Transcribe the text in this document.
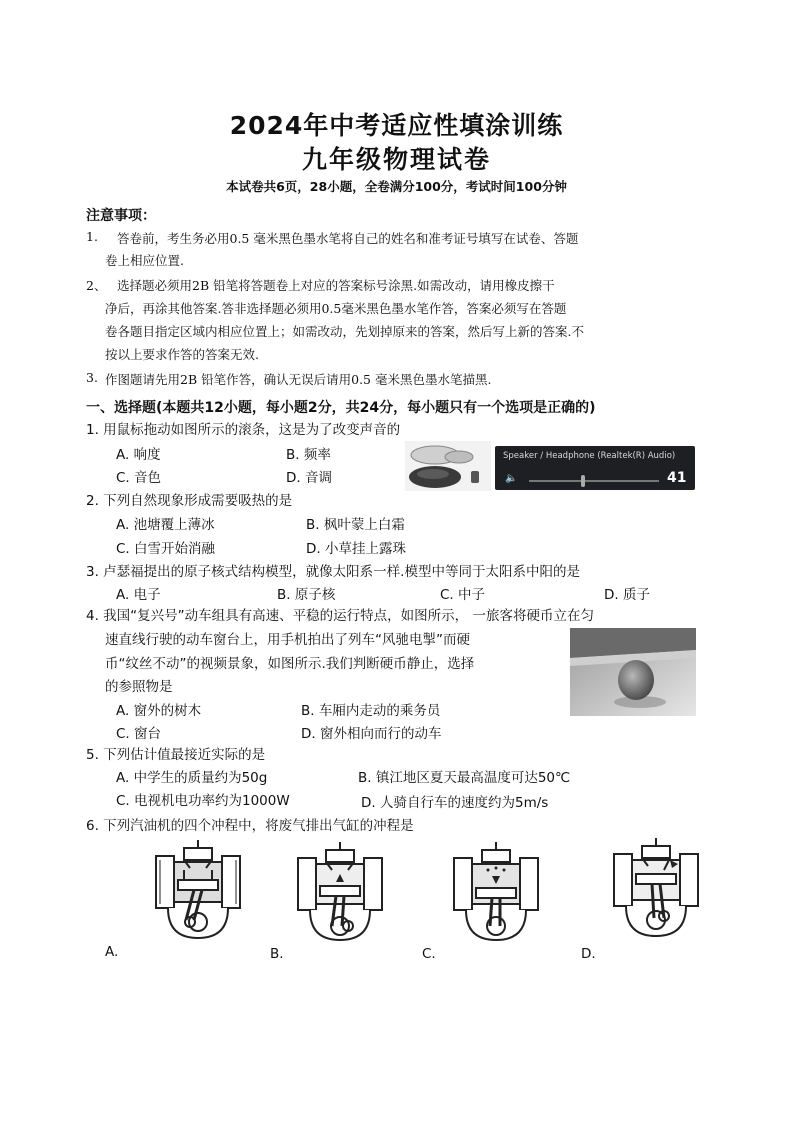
2024年中考适应性填涂训练
九年级物理试卷
本试卷共6页，28小题，全卷满分100分，考试时间100分钟
注意事项：
1. 答卷前，考生务必用0.5 毫米黑色墨水笔将自己的姓名和准考证号填写在试卷、答题
卷上相应位置.
2、 选择题必须用2B 铅笔将答题卷上对应的答案标号涂黑.如需改动，请用橡皮擦干
净后，再涂其他答案.答非选择题必须用0.5毫米黑色墨水笔作答，答案必须写在答题
卷各题目指定区域内相应位置上；如需改动，先划掉原来的答案，然后写上新的答案.不
按以上要求作答的答案无效.
3. 作图题请先用2B 铅笔作答，确认无误后请用0.5 毫米黑色墨水笔描黑.
一、选择题(本题共12小题，每小题2分，共24分，每小题只有一个选项是正确的)
1. 用鼠标拖动如图所示的滚条，这是为了改变声音的
A. 响度	B. 频率
C. 音色	D. 音调
Speaker / Headphone (Realtek(R) Audio)
🔈	41
2. 下列自然现象形成需要吸热的是
A. 池塘覆上薄冰	B. 枫叶蒙上白霜
C. 白雪开始消融	D. 小草挂上露珠
3. 卢瑟福提出的原子核式结构模型，就像太阳系一样.模型中等同于太阳系中阳的是
A. 电子	B. 原子核	C. 中子	D. 质子
4. 我国“复兴号”动车组具有高速、平稳的运行特点，如图所示， 一旅客将硬币立在匀
速直线行驶的动车窗台上，用手机拍出了列车“风驰电掣”而硬
币“纹丝不动”的视频景象，如图所示.我们判断硬币静止，选择
的参照物是
A. 窗外的树木	B. 车厢内走动的乘务员
C. 窗台	D. 窗外相向而行的动车
5. 下列估计值最接近实际的是
A. 中学生的质量约为50g	B. 镇江地区夏天最高温度可达50℃
C. 电视机电功率约为1000W	D. 人骑自行车的速度约为5m/s
6. 下列汽油机的四个冲程中，将废气排出气缸的冲程是
A.	B.	C.	D.
